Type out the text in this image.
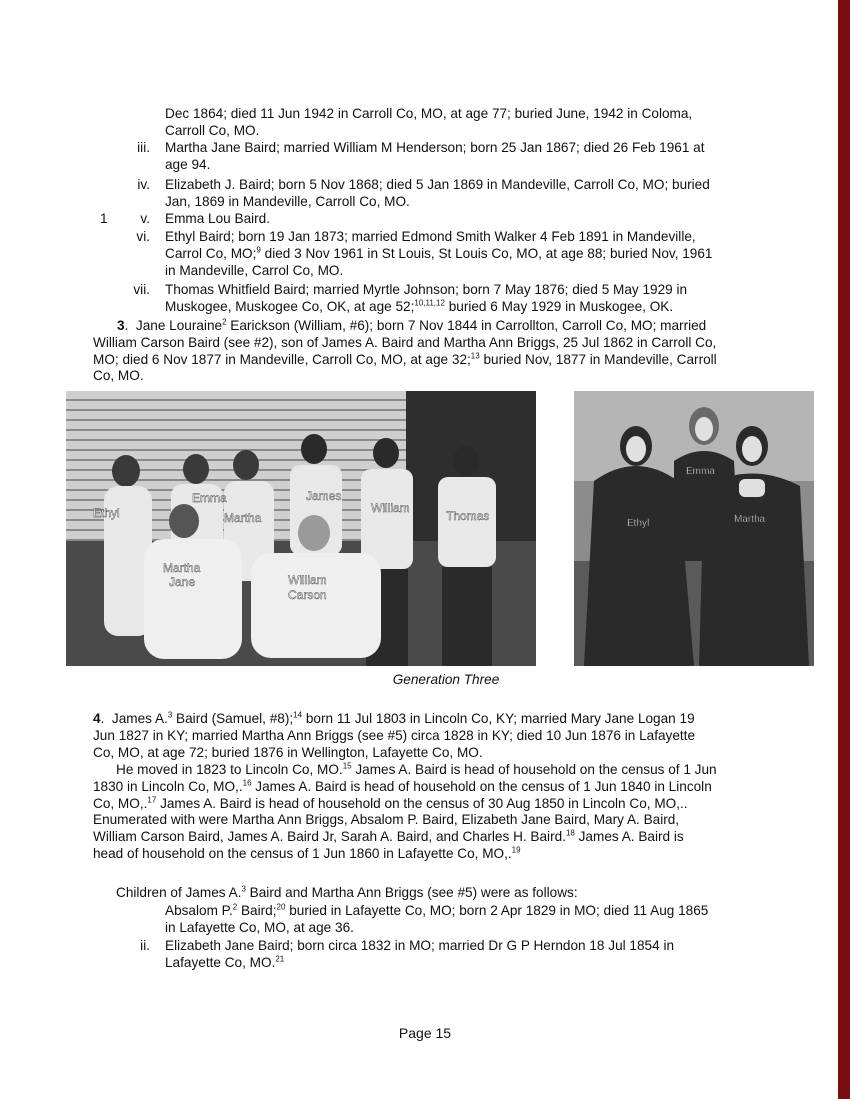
Dec 1864; died 11 Jun 1942 in Carroll Co, MO, at age 77; buried June, 1942 in Coloma,
Carroll Co, MO.
iii. Martha Jane Baird; married William M Henderson; born 25 Jan 1867; died 26 Feb 1961 at
age 94.
iv. Elizabeth J. Baird; born 5 Nov 1868; died 5 Jan 1869 in Mandeville, Carroll Co, MO; buried
Jan, 1869 in Mandeville, Carroll Co, MO.
1	v. Emma Lou Baird.
vi. Ethyl Baird; born 19 Jan 1873; married Edmond Smith Walker 4 Feb 1891 in Mandeville,
Carrol Co, MO;$^9$ died 3 Nov 1961 in St Louis, St Louis Co, MO, at age 88; buried Nov, 1961
in Mandeville, Carrol Co, MO.
vii. Thomas Whitfield Baird; married Myrtle Johnson; born 7 May 1876; died 5 May 1929 in
Muskogee, Muskogee Co, OK, at age 52;$^{10,11,12}$ buried 6 May 1929 in Muskogee, OK.
3.  Jane Louraine$^2$ Earickson (William, #6); born 7 Nov 1844 in Carrollton, Carroll Co, MO; married
William Carson Baird (see #2), son of James A. Baird and Martha Ann Briggs, 25 Jul 1862 in Carroll Co,
MO; died 6 Nov 1877 in Mandeville, Carroll Co, MO, at age 32;$^{13}$ buried Nov, 1877 in Mandeville, Carroll
Co, MO.
Ethyl
Emma
Martha
James
William
Thomas
Martha
Jane	William
Carson
Emma
Ethyl	Martha
Generation Three
4.  James A.$^3$ Baird (Samuel, #8);$^{14}$ born 11 Jul 1803 in Lincoln Co, KY; married Mary Jane Logan 19
Jun 1827 in KY; married Martha Ann Briggs (see #5) circa 1828 in KY; died 10 Jun 1876 in Lafayette
Co, MO, at age 72; buried 1876 in Wellington, Lafayette Co, MO.
He moved in 1823 to Lincoln Co, MO.$^{15}$ James A. Baird is head of household on the census of 1 Jun
1830 in Lincoln Co, MO,.$^{16}$ James A. Baird is head of household on the census of 1 Jun 1840 in Lincoln
Co, MO,.$^{17}$ James A. Baird is head of household on the census of 30 Aug 1850 in Lincoln Co, MO,..
Enumerated with were Martha Ann Briggs, Absalom P. Baird, Elizabeth Jane Baird, Mary A. Baird,
William Carson Baird, James A. Baird Jr, Sarah A. Baird, and Charles H. Baird.$^{18}$ James A. Baird is
head of household on the census of 1 Jun 1860 in Lafayette Co, MO,.$^{19}$
Children of James A.$^3$ Baird and Martha Ann Briggs (see #5) were as follows:
Absalom P.$^2$ Baird;$^{20}$ buried in Lafayette Co, MO; born 2 Apr 1829 in MO; died 11 Aug 1865
in Lafayette Co, MO, at age 36.
ii. Elizabeth Jane Baird; born circa 1832 in MO; married Dr G P Herndon 18 Jul 1854 in
Lafayette Co, MO.$^{21}$
Page 15
